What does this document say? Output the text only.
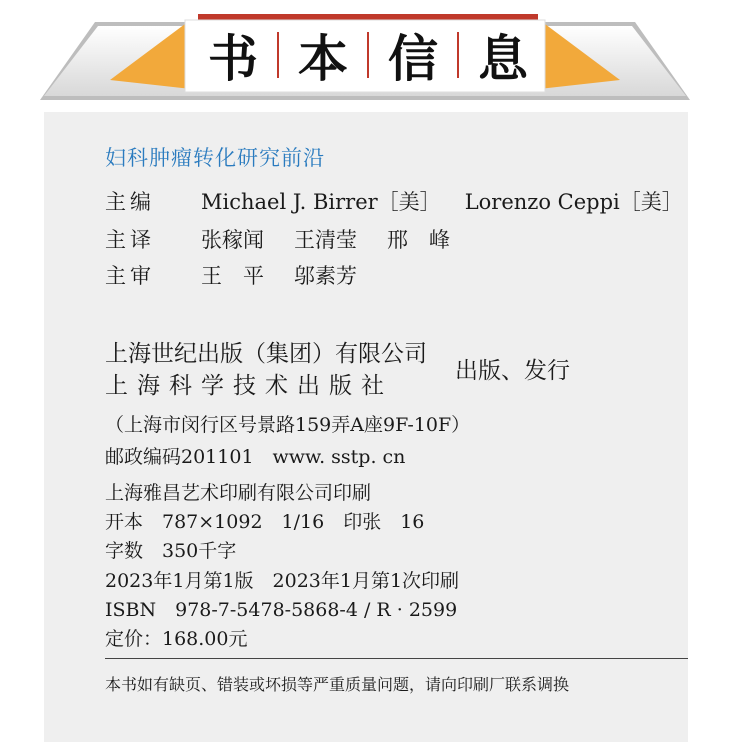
书 本 信 息
妇科肿瘤转化研究前沿
主编 Michael J. Birrer［美］ Lorenzo Ceppi［美］
主译 张稼闻 王清莹 邢　峰
主审 王　平 邬素芳
上海世纪出版（集团）有限公司
上海科学技术出版社
出版、发行
（上海市闵行区号景路159弄A座9F-10F）
邮政编码201101　www. sstp. cn
上海雅昌艺术印刷有限公司印刷
开本　787×1092　1/16　印张　16
字数　350千字
2023年1月第1版　2023年1月第1次印刷
ISBN　978-7-5478-5868-4 / R · 2599
定价：168.00元
本书如有缺页、错装或坏损等严重质量问题，请向印刷厂联系调换
